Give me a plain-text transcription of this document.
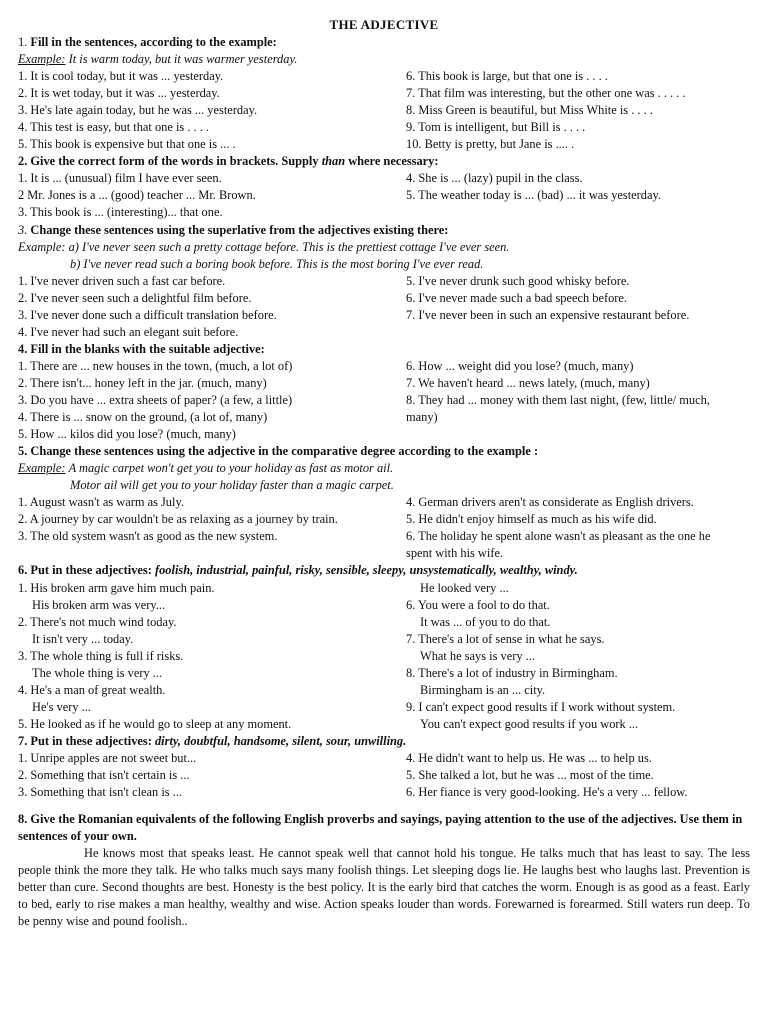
THE ADJECTIVE
1. Fill in the sentences, according to the example:
Example: It is warm today, but it was warmer yesterday.
1. It is cool today, but it was ... yesterday.
2. It is wet today, but it was ... yesterday.
3. He's late again today, but he was ... yesterday.
4. This test is easy, but that one is . . . .
5. This book is expensive but that one is ... .
6. This book is large, but that one is . . . .
7. That film was interesting, but the other one was . . . . .
8. Miss Green is beautiful, but Miss White is . . . .
9. Tom is intelligent, but Bill is . . . .
10. Betty is pretty, but Jane is .... .
2. Give the correct form of the words in brackets. Supply than where necessary:
1. It is ... (unusual) film I have ever seen.
2 Mr. Jones is a ... (good) teacher ... Mr. Brown.
4. She is ... (lazy) pupil in the class.
5. The weather today is ... (bad) ... it was yesterday.
3. This book is ... (interesting)... that one.
3. Change these sentences using the superlative from the adjectives existing there:
Example: a) I've never seen such a pretty cottage before. This is the prettiest cottage I've ever seen.
b) I've never read such a boring book before. This is the most boring I've ever read.
1. I've never driven such a fast car before.
2. I've never seen such a delightful film before.
3. I've never done such a difficult translation before.
4. I've never had such an elegant suit before.
5. I've never drunk such good whisky before.
6. I've never made such a bad speech before.
7. I've never been in such an expensive restaurant before.
4. Fill in the blanks with the suitable adjective:
1. There are ... new houses in the town, (much, a lot of)
2. There isn't... honey left in the jar. (much, many)
3. Do you have ... extra sheets of paper? (a few, a little)
4. There is ... snow on the ground, (a lot of, many)
5. How ... kilos did you lose? (much, many)
6. How ... weight did you lose? (much, many)
7. We haven't heard ... news lately, (much, many)
8. They had ... money with them last night, (few, little/ much, many)
5. Change these sentences using the adjective in the comparative degree according to the example :
Example: A magic carpet won't get you to your holiday as fast as motor ail.
Motor ail will get you to your holiday faster than a magic carpet.
1. August wasn't as warm as July.
2. A journey by car wouldn't be as relaxing as a journey by train.
3. The old system wasn't as good as the new system.
4. German drivers aren't as considerate as English drivers.
5. He didn't enjoy himself as much as his wife did.
6. The holiday he spent alone wasn't as pleasant as the one he spent with his wife.
6. Put in these adjectives: foolish, industrial, painful, risky, sensible, sleepy, unsystematically, wealthy, windy.
1. His broken arm gave him much pain.
His broken arm was very...
2. There's not much wind today.
It isn't very ... today.
3. The whole thing is full if risks.
The whole thing is very ...
4. He's a man of great wealth.
He's very ...
5. He looked as if he would go to sleep at any moment.
He looked very ...
6. You were a fool to do that.
It was ... of you to do that.
7. There's a lot of sense in what he says.
What he says is very ...
8. There's a lot of industry in Birmingham.
Birmingham is an ... city.
9. I can't expect good results if I work without system.
You can't expect good results if you work ...
7. Put in these adjectives: dirty, doubtful, handsome, silent, sour, unwilling.
1. Unripe apples are not sweet but...
2. Something that isn't certain is ...
3. Something that isn't clean is ...
4. He didn't want to help us. He was ... to help us.
5. She talked a lot, but he was ... most of the time.
6. Her fiance is very good-looking. He's a very ... fellow.
8. Give the Romanian equivalents of the following English proverbs and sayings, paying attention to the use of the adjectives. Use them in sentences of your own.
He knows most that speaks least. He cannot speak well that cannot hold his tongue. He talks much that has least to say. The less people think the more they talk. He who talks much says many foolish things. Let sleeping dogs lie. He laughs best who laughs last. Prevention is better than cure. Second thoughts are best. Honesty is the best policy. It is the early bird that catches the worm. Enough is as good as a feast. Early to bed, early to rise makes a man healthy, wealthy and wise. Action speaks louder than words. Forewarned is forearmed. Still waters run deep. To be penny wise and pound foolish..
